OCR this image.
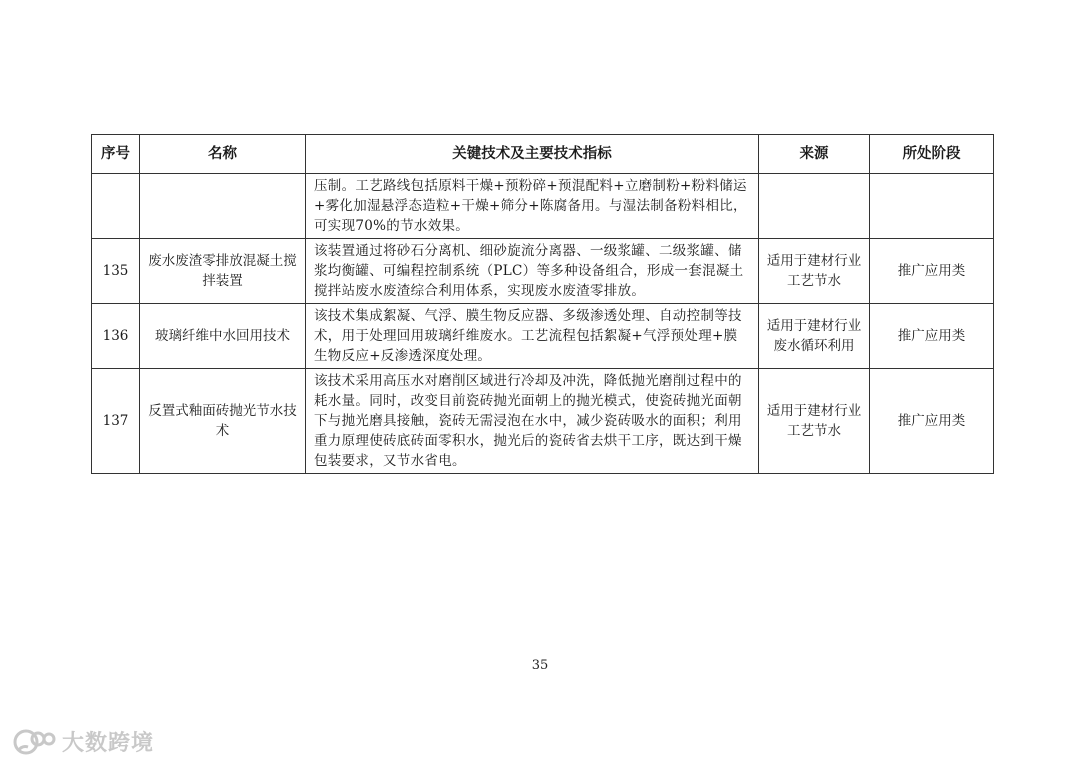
序号	名称	关键技术及主要技术指标	来源	所处阶段
		压制。工艺路线包括原料干燥+预粉碎+预混配料+立磨制粉+粉料储运+雾化加湿悬浮态造粒+干燥+筛分+陈腐备用。与湿法制备粉料相比，可实现70%的节水效果。		
135	废水废渣零排放混凝土搅拌装置	该装置通过将砂石分离机、细砂旋流分离器、一级浆罐、二级浆罐、储浆均衡罐、可编程控制系统（PLC）等多种设备组合，形成一套混凝土搅拌站废水废渣综合利用体系，实现废水废渣零排放。	适用于建材行业工艺节水	推广应用类
136	玻璃纤维中水回用技术	该技术集成絮凝、气浮、膜生物反应器、多级渗透处理、自动控制等技术，用于处理回用玻璃纤维废水。工艺流程包括絮凝+气浮预处理+膜生物反应+反渗透深度处理。	适用于建材行业废水循环利用	推广应用类
137	反置式釉面砖抛光节水技术	该技术采用高压水对磨削区域进行冷却及冲洗，降低抛光磨削过程中的耗水量。同时，改变目前瓷砖抛光面朝上的抛光模式，使瓷砖抛光面朝下与抛光磨具接触，瓷砖无需浸泡在水中，减少瓷砖吸水的面积；利用重力原理使砖底砖面零积水，抛光后的瓷砖省去烘干工序，既达到干燥包装要求，又节水省电。	适用于建材行业工艺节水	推广应用类
35
大数跨境
